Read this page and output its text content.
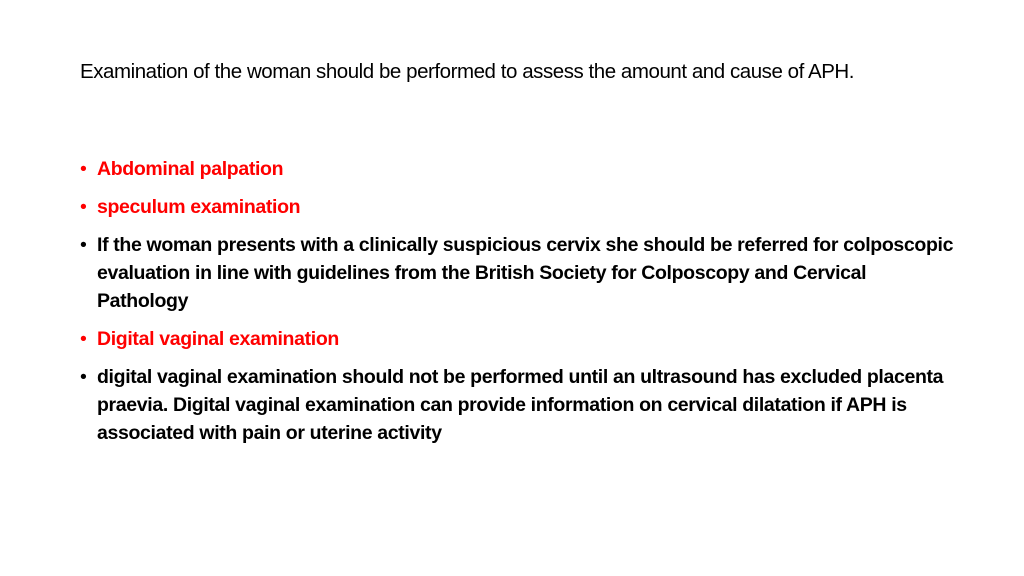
Examination of the woman should be performed to assess the amount and cause of APH.

• Abdominal palpation
• speculum examination
• If the woman presents with a clinically suspicious cervix she should be referred for colposcopic evaluation in line with guidelines from the British Society for Colposcopy and Cervical Pathology
• Digital vaginal examination
• digital vaginal examination should not be performed until an ultrasound has excluded placenta praevia. Digital vaginal examination can provide information on cervical dilatation if APH is associated with pain or uterine activity
